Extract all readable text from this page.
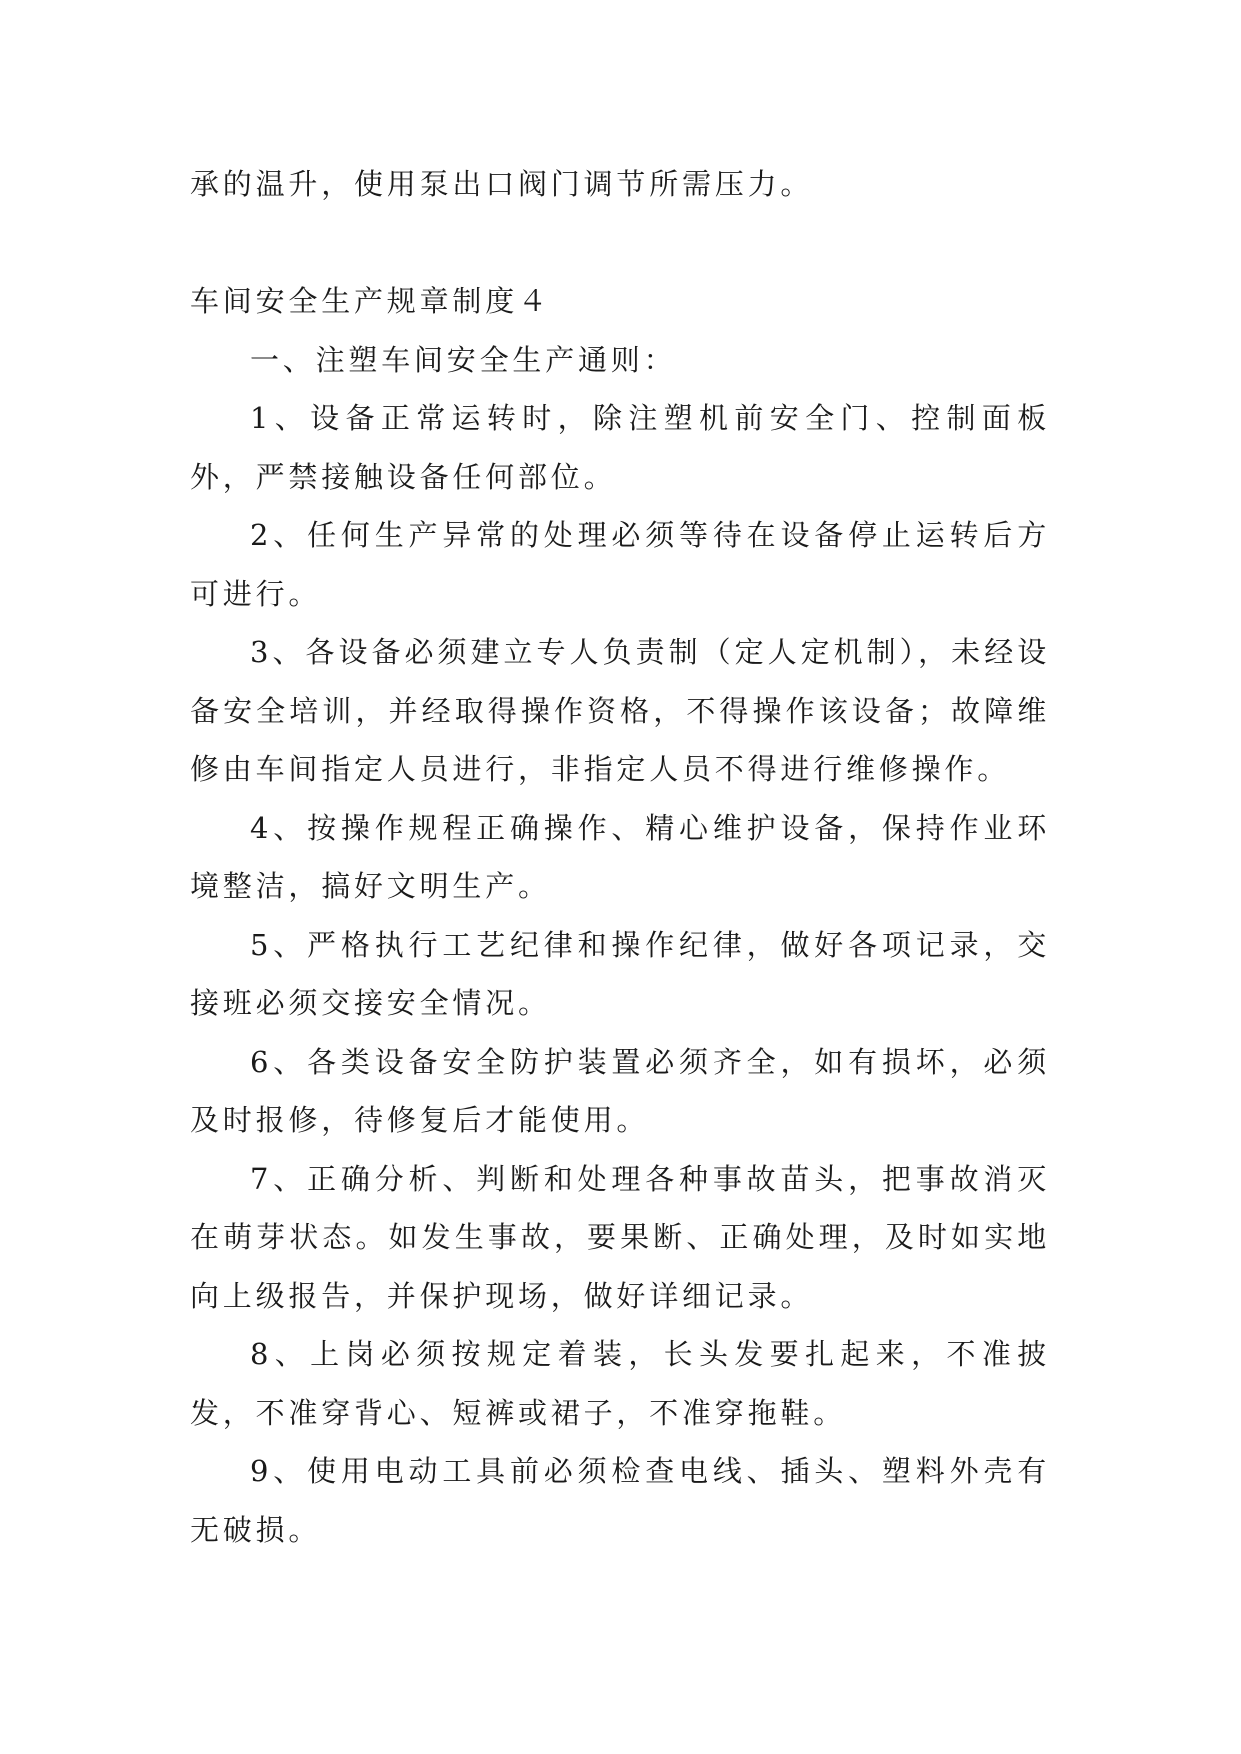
承的温升，使用泵出口阀门调节所需压力。

车间安全生产规章制度４

一、注塑车间安全生产通则：

1、设备正常运转时，除注塑机前安全门、控制面板外，严禁接触设备任何部位。

2、任何生产异常的处理必须等待在设备停止运转后方可进行。

3、各设备必须建立专人负责制（定人定机制），未经设备安全培训，并经取得操作资格，不得操作该设备；故障维修由车间指定人员进行，非指定人员不得进行维修操作。

4、按操作规程正确操作、精心维护设备，保持作业环境整洁，搞好文明生产。

5、严格执行工艺纪律和操作纪律，做好各项记录，交接班必须交接安全情况。

6、各类设备安全防护装置必须齐全，如有损坏，必须及时报修，待修复后才能使用。

7、正确分析、判断和处理各种事故苗头，把事故消灭在萌芽状态。如发生事故，要果断、正确处理，及时如实地向上级报告，并保护现场，做好详细记录。

8、上岗必须按规定着装，长头发要扎起来，不准披发，不准穿背心、短裤或裙子，不准穿拖鞋。

9、使用电动工具前必须检查电线、插头、塑料外壳有无破损。
